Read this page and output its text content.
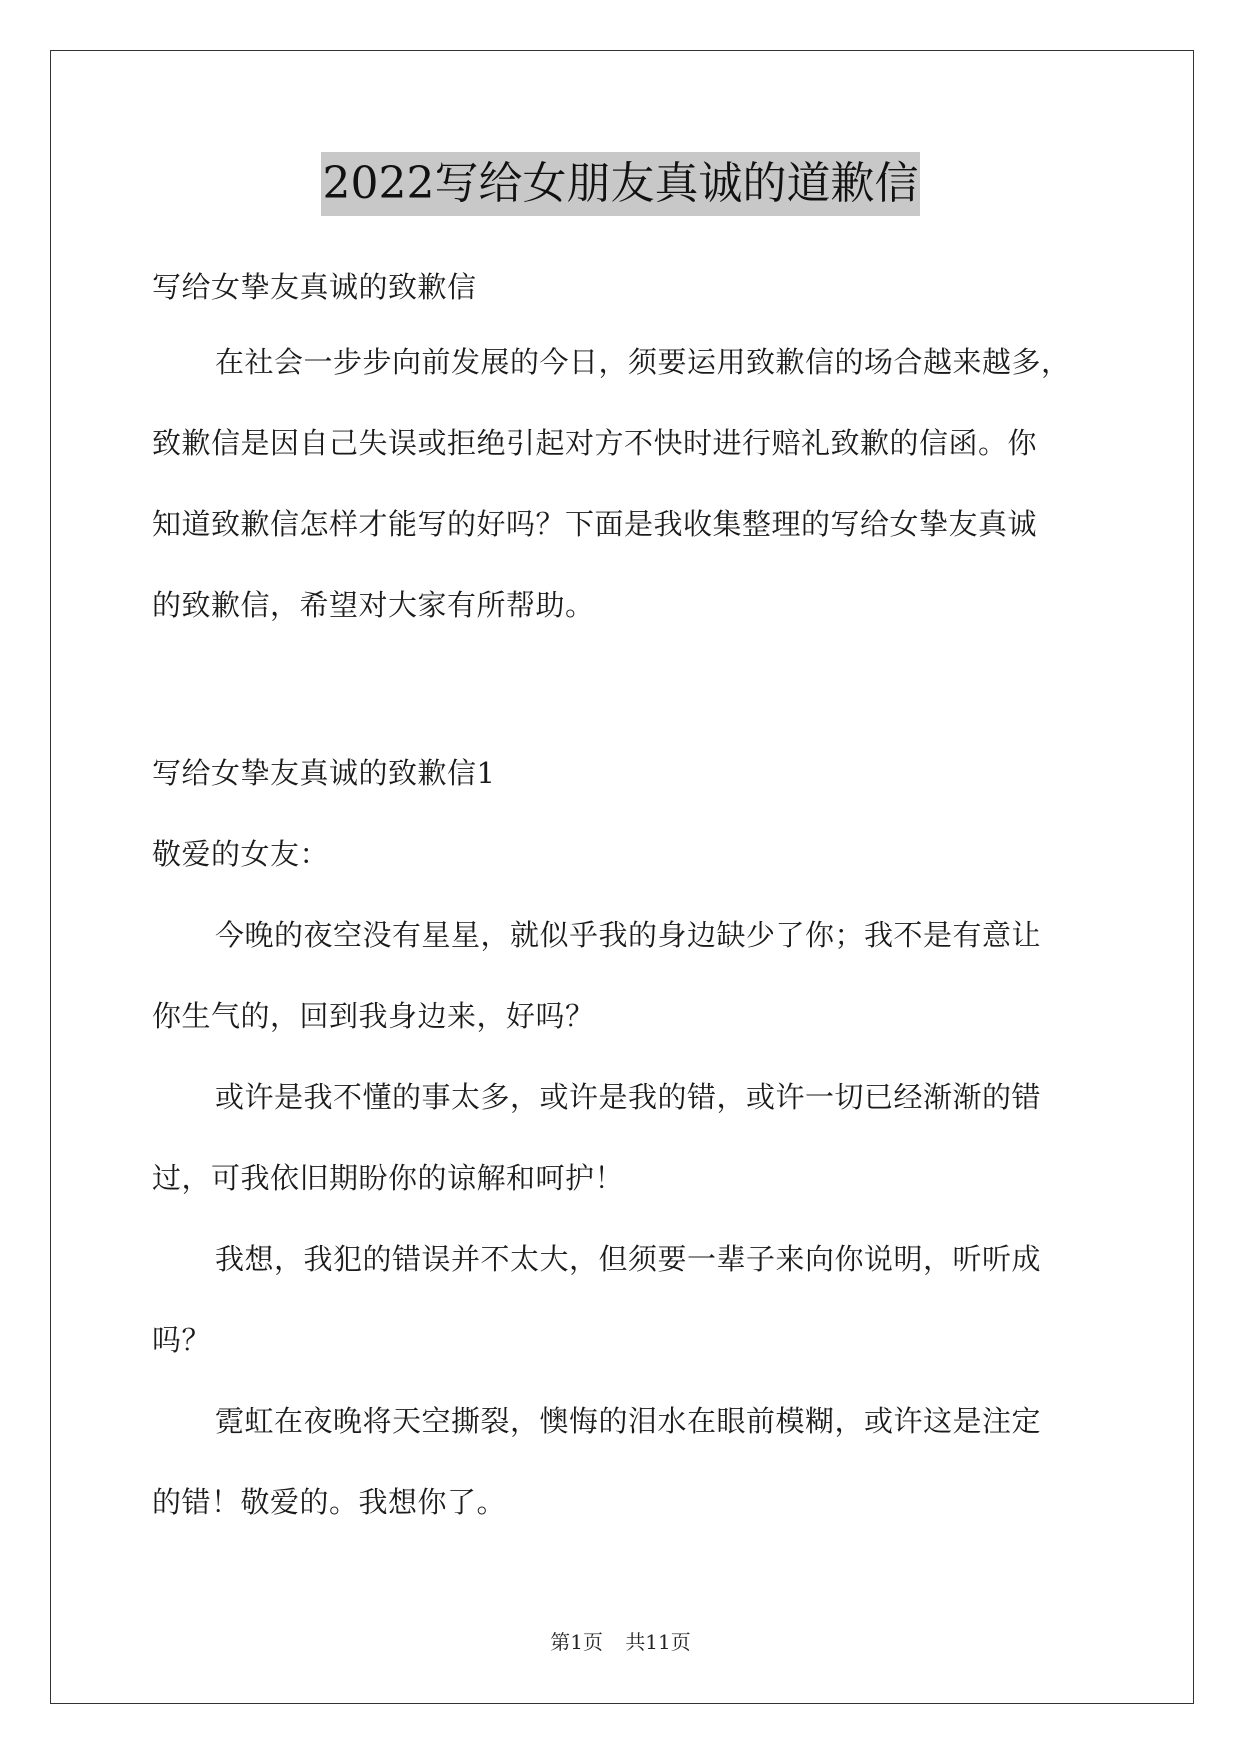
2022写给女朋友真诚的道歉信

写给女挚友真诚的致歉信

在社会一步步向前发展的今日，须要运用致歉信的场合越来越多，

致歉信是因自己失误或拒绝引起对方不快时进行赔礼致歉的信函。你

知道致歉信怎样才能写的好吗？下面是我收集整理的写给女挚友真诚

的致歉信，希望对大家有所帮助。

写给女挚友真诚的致歉信1

敬爱的女友：

今晚的夜空没有星星，就似乎我的身边缺少了你；我不是有意让

你生气的，回到我身边来，好吗？

或许是我不懂的事太多，或许是我的错，或许一切已经渐渐的错

过，可我依旧期盼你的谅解和呵护！

我想，我犯的错误并不太大，但须要一辈子来向你说明，听听成

吗？

霓虹在夜晚将天空撕裂，懊悔的泪水在眼前模糊，或许这是注定

的错！敬爱的。我想你了。

第1页 共11页
